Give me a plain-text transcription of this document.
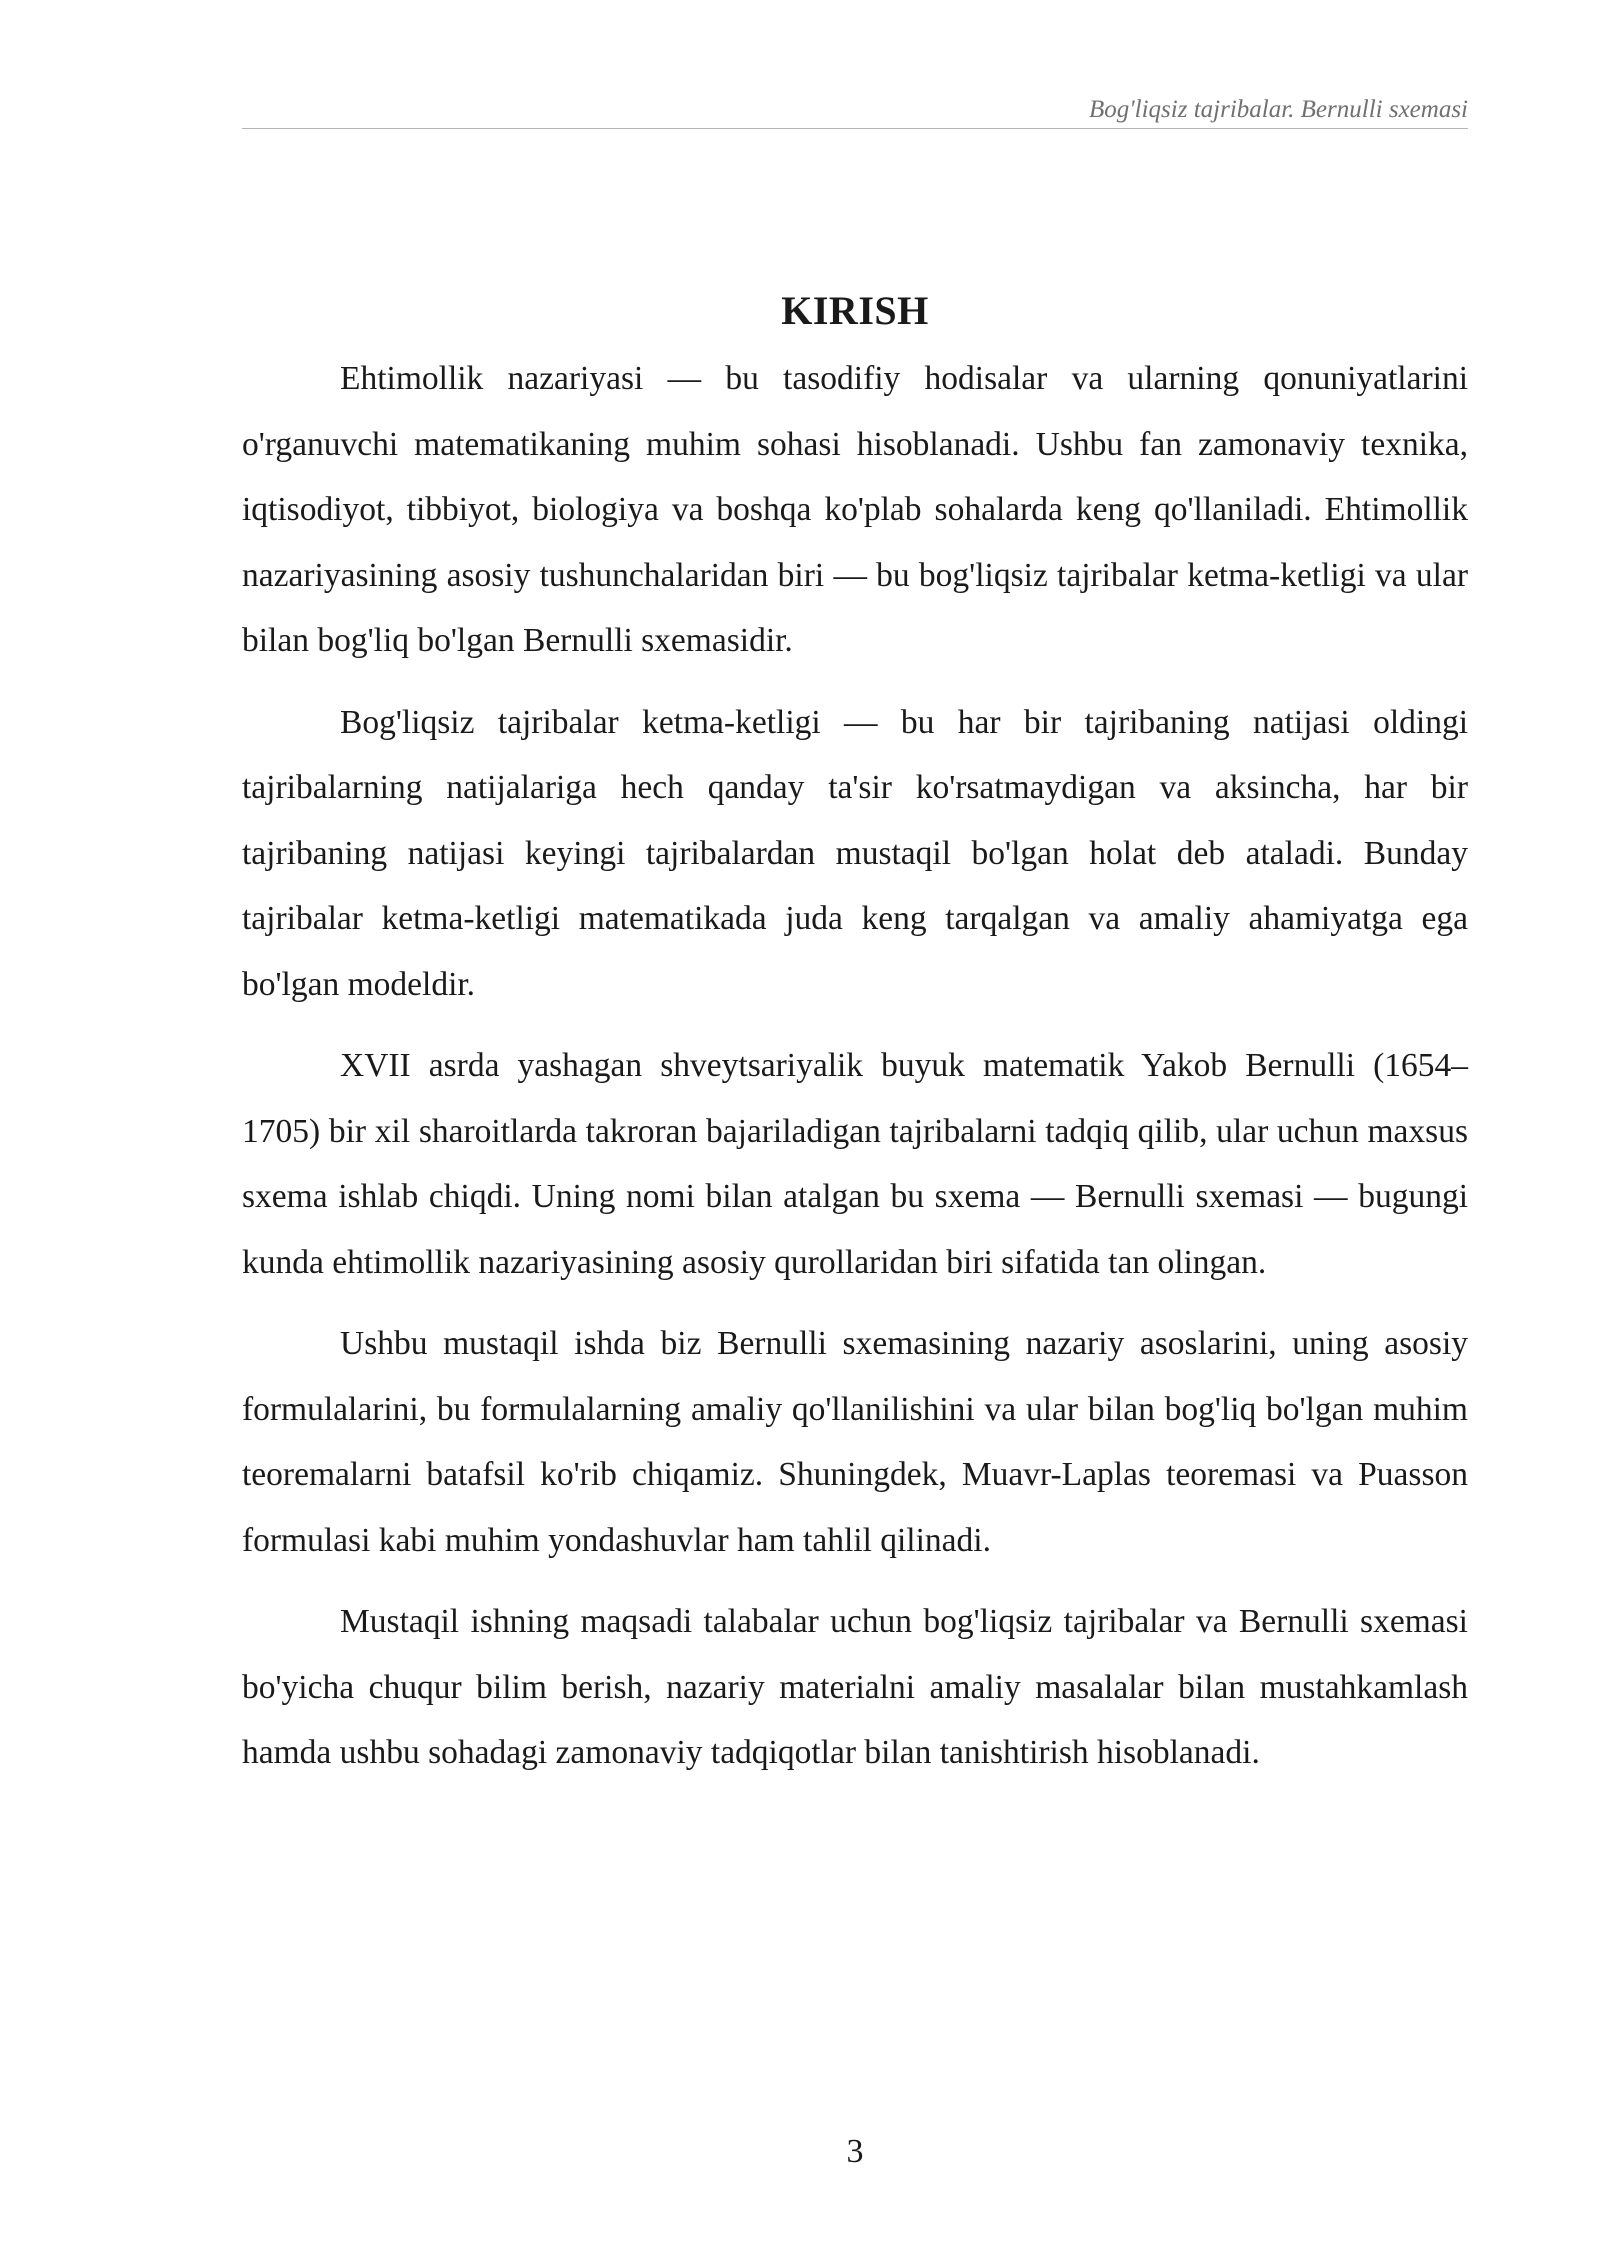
Bog'liqsiz tajribalar. Bernulli sxemasi
KIRISH

Ehtimollik nazariyasi — bu tasodifiy hodisalar va ularning qonuniyatlarini o'rganuvchi matematikaning muhim sohasi hisoblanadi. Ushbu fan zamonaviy texnika, iqtisodiyot, tibbiyot, biologiya va boshqa ko'plab sohalarda keng qo'llaniladi. Ehtimollik nazariyasining asosiy tushunchalaridan biri — bu bog'liqsiz tajribalar ketma-ketligi va ular bilan bog'liq bo'lgan Bernulli sxemasidir.

Bog'liqsiz tajribalar ketma-ketligi — bu har bir tajribaning natijasi oldingi tajribalarning natijalariga hech qanday ta'sir ko'rsatmaydigan va aksincha, har bir tajribaning natijasi keyingi tajribalardan mustaqil bo'lgan holat deb ataladi. Bunday tajribalar ketma-ketligi matematikada juda keng tarqalgan va amaliy ahamiyatga ega bo'lgan modeldir.

XVII asrda yashagan shveytsariyalik buyuk matematik Yakob Bernulli (1654–1705) bir xil sharoitlarda takroran bajariladigan tajribalarni tadqiq qilib, ular uchun maxsus sxema ishlab chiqdi. Uning nomi bilan atalgan bu sxema — Bernulli sxemasi — bugungi kunda ehtimollik nazariyasining asosiy qurollaridan biri sifatida tan olingan.

Ushbu mustaqil ishda biz Bernulli sxemasining nazariy asoslarini, uning asosiy formulalarini, bu formulalarning amaliy qo'llanilishini va ular bilan bog'liq bo'lgan muhim teoremalarni batafsil ko'rib chiqamiz. Shuningdek, Muavr-Laplas teoremasi va Puasson formulasi kabi muhim yondashuvlar ham tahlil qilinadi.

Mustaqil ishning maqsadi talabalar uchun bog'liqsiz tajribalar va Bernulli sxemasi bo'yicha chuqur bilim berish, nazariy materialni amaliy masalalar bilan mustahkamlash hamda ushbu sohadagi zamonaviy tadqiqotlar bilan tanishtirish hisoblanadi.

3
